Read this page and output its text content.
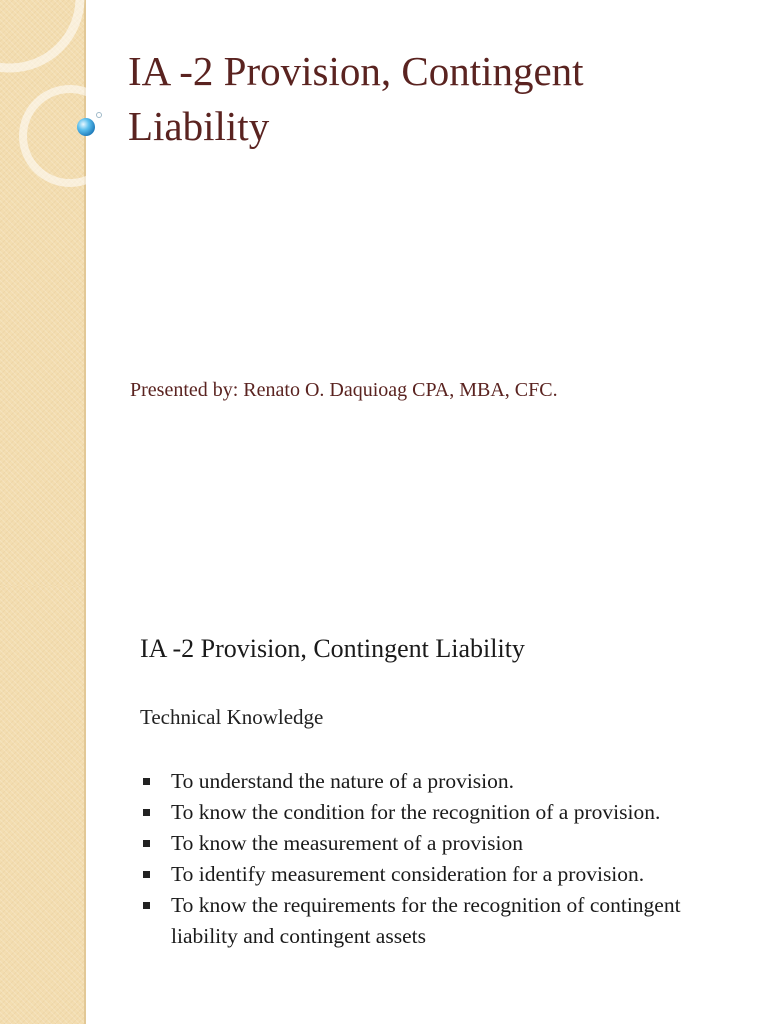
IA -2 Provision, Contingent Liability

Presented by: Renato O. Daquioag CPA, MBA, CFC.

IA -2 Provision, Contingent Liability

Technical Knowledge

To understand the nature of a provision.
To know the condition for the recognition of a provision.
To know the measurement of a provision
To identify measurement consideration for a provision.
To know the requirements for the recognition of contingent liability and contingent assets
